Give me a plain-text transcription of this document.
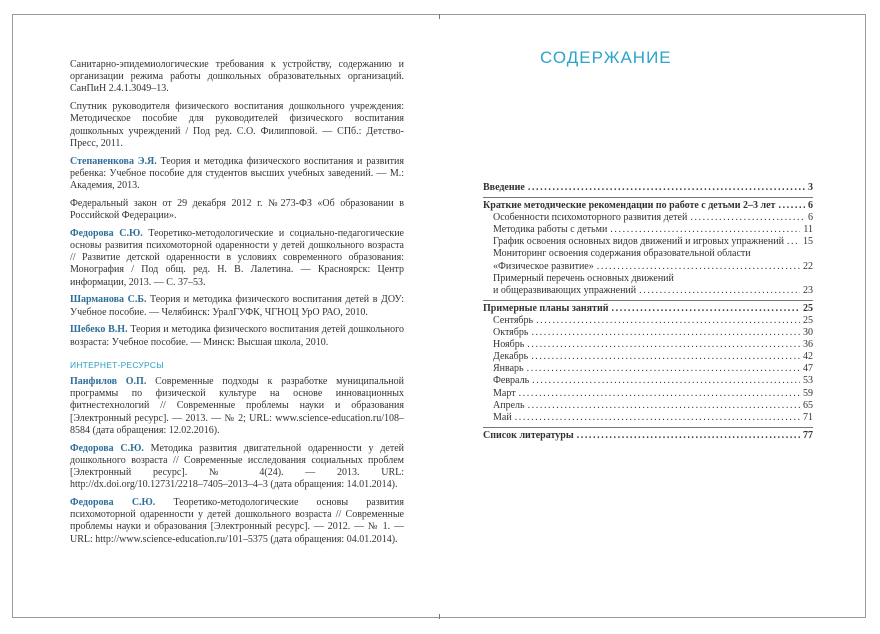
Санитарно-эпидемиологические требования к устройству, содержанию и организации режима работы дошкольных образовательных организаций. СанПиН 2.4.1.3049–13.
Спутник руководителя физического воспитания дошкольного учреждения: Методическое пособие для руководителей физического воспитания дошкольных учреждений / Под ред. С.О. Филипповой. — СПб.: Детство-Пресс, 2011.
Степаненкова Э.Я. Теория и методика физического воспитания и развития ребенка: Учебное пособие для студентов высших учебных заведений. — М.: Академия, 2013.
Федеральный закон от 29 декабря 2012 г. №273-ФЗ «Об образовании в Российской Федерации».
Федорова С.Ю. Теоретико-методологические и социально-педагогические основы развития психомоторной одаренности у детей дошкольного возраста // Развитие детской одаренности в условиях современного образования: Монография / Под общ. ред. Н. В. Лалетина. — Красноярск: Центр информации, 2013. — С. 37–53.
Шарманова С.Б. Теория и методика физического воспитания детей в ДОУ: Учебное пособие. — Челябинск: УралГУФК, ЧГНОЦ УрО РАО, 2010.
Шебеко В.Н. Теория и методика физического воспитания детей дошкольного возраста: Учебное пособие. — Минск: Высшая школа, 2010.
ИНТЕРНЕТ-РЕСУРСЫ
Панфилов О.П. Современные подходы к разработке муниципальной программы по физической культуре на основе инновационных фитнестехнологий // Современные проблемы науки и образования [Электронный ресурс]. — 2013. — № 2; URL: www.science-education.ru/108–8584 (дата обращения: 12.02.2016).
Федорова С.Ю. Методика развития двигательной одаренности у детей дошкольного возраста // Современные исследования социальных проблем [Электронный ресурс]. № 4(24). — 2013. URL: http://dx.doi.org/10.12731/2218–7405–2013–4–3 (дата обращения: 14.01.2014).
Федорова С.Ю. Теоретико-методологические основы развития психомоторной одаренности у детей дошкольного возраста // Современные проблемы науки и образования [Электронный ресурс]. — 2012. — № 1. — URL: http://www.science-education.ru/101–5375 (дата обращения: 04.01.2014).
СОДЕРЖАНИЕ
Введение .....	3
Краткие методические рекомендации по работе с детьми 2–3 лет .....	6
Особенности психомоторного развития детей .....	6
Методика работы с детьми .....	11
График освоения основных видов движений и игровых упражнений ..... 15
Мониторинг освоения содержания образовательной области
«Физическое развитие» .....	22
Примерный перечень основных движений
и общеразвивающих упражнений .....	23
Примерные планы занятий .....	25
Сентябрь .....	25
Октябрь .....	30
Ноябрь .....	36
Декабрь .....	42
Январь .....	47
Февраль .....	53
Март .....	59
Апрель .....	65
Май .....	71
Список литературы .....	77
